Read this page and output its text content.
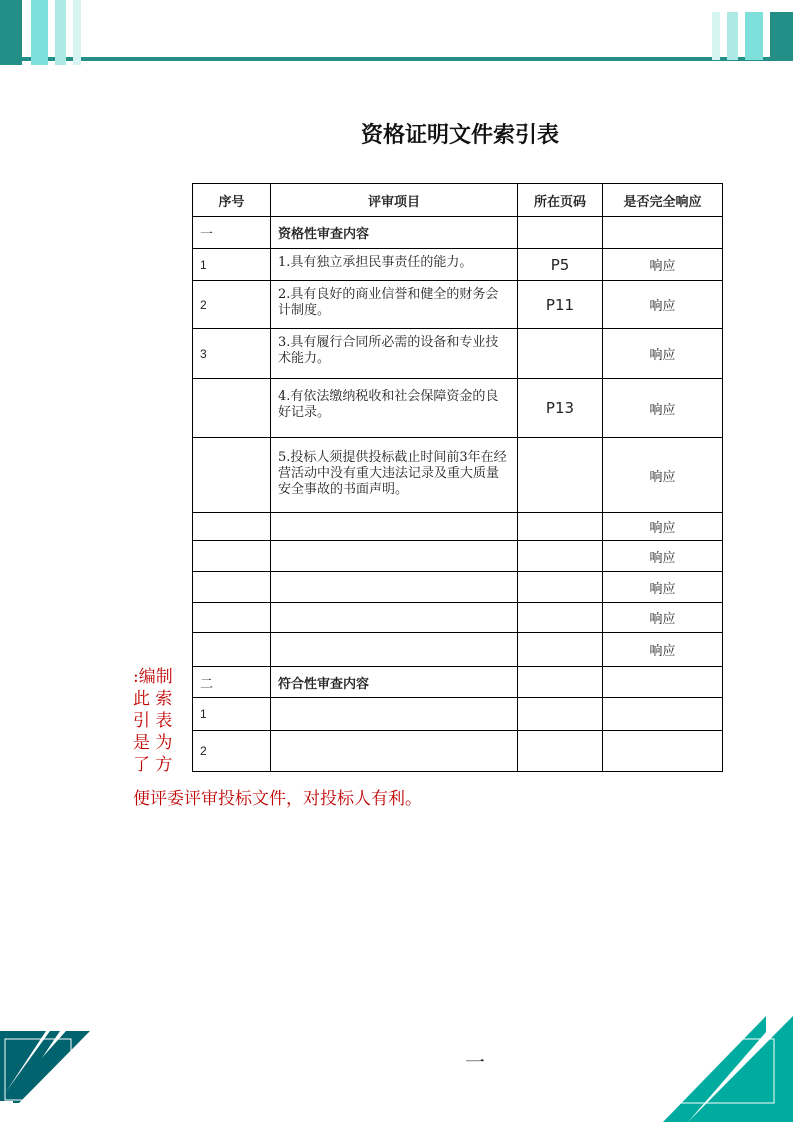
资格证明文件索引表
序号	评审项目	所在页码	是否完全响应
一	资格性审查内容		
1	1.具有独立承担民事责任的能力。	P5	响应
2	2.具有良好的商业信誉和健全的财务会计制度。	P11	响应
3	3.具有履行合同所必需的设备和专业技术能力。		响应
	4.有依法缴纳税收和社会保障资金的良好记录。	P13	响应
	5.投标人须提供投标截止时间前3年在经营活动中没有重大违法记录及重大质量安全事故的书面声明。		响应
			响应
			响应
			响应
			响应
			响应
二	符合性审查内容		
1			
2			
:编制
此 索
引 表
是 为
了 方
便评委评审投标文件，对投标人有利。
一
